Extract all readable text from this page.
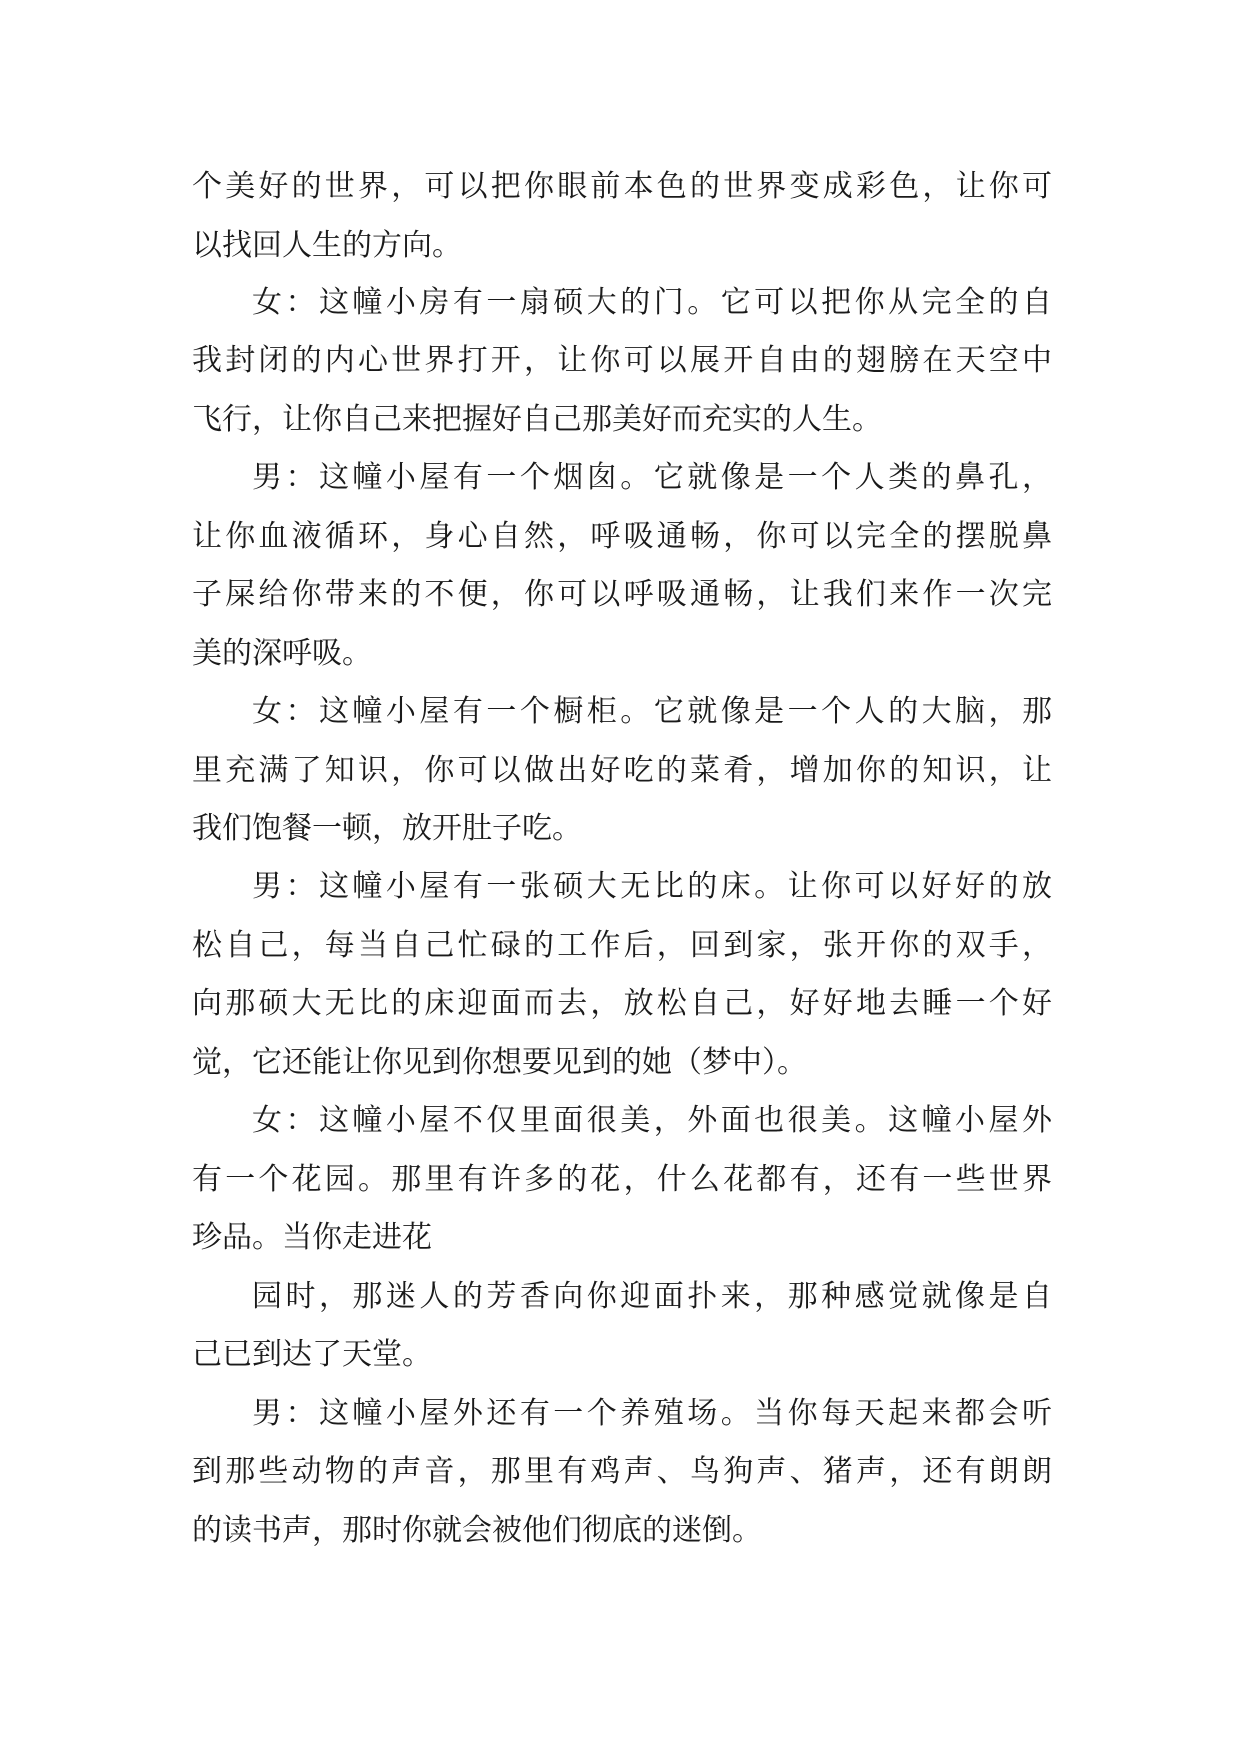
个美好的世界，可以把你眼前本色的世界变成彩色，让你可

以找回人生的方向。

女：这幢小房有一扇硕大的门。它可以把你从完全的自

我封闭的内心世界打开，让你可以展开自由的翅膀在天空中

飞行，让你自己来把握好自己那美好而充实的人生。

男：这幢小屋有一个烟囱。它就像是一个人类的鼻孔，

让你血液循环，身心自然，呼吸通畅，你可以完全的摆脱鼻

子屎给你带来的不便，你可以呼吸通畅，让我们来作一次完

美的深呼吸。

女：这幢小屋有一个橱柜。它就像是一个人的大脑，那

里充满了知识，你可以做出好吃的菜肴，增加你的知识，让

我们饱餐一顿，放开肚子吃。

男：这幢小屋有一张硕大无比的床。让你可以好好的放

松自己，每当自己忙碌的工作后，回到家，张开你的双手，

向那硕大无比的床迎面而去，放松自己，好好地去睡一个好

觉，它还能让你见到你想要见到的她（梦中）。

女：这幢小屋不仅里面很美，外面也很美。这幢小屋外

有一个花园。那里有许多的花，什么花都有，还有一些世界

珍品。当你走进花

园时，那迷人的芳香向你迎面扑来，那种感觉就像是自

己已到达了天堂。

男：这幢小屋外还有一个养殖场。当你每天起来都会听

到那些动物的声音，那里有鸡声、鸟狗声、猪声，还有朗朗

的读书声，那时你就会被他们彻底的迷倒。
